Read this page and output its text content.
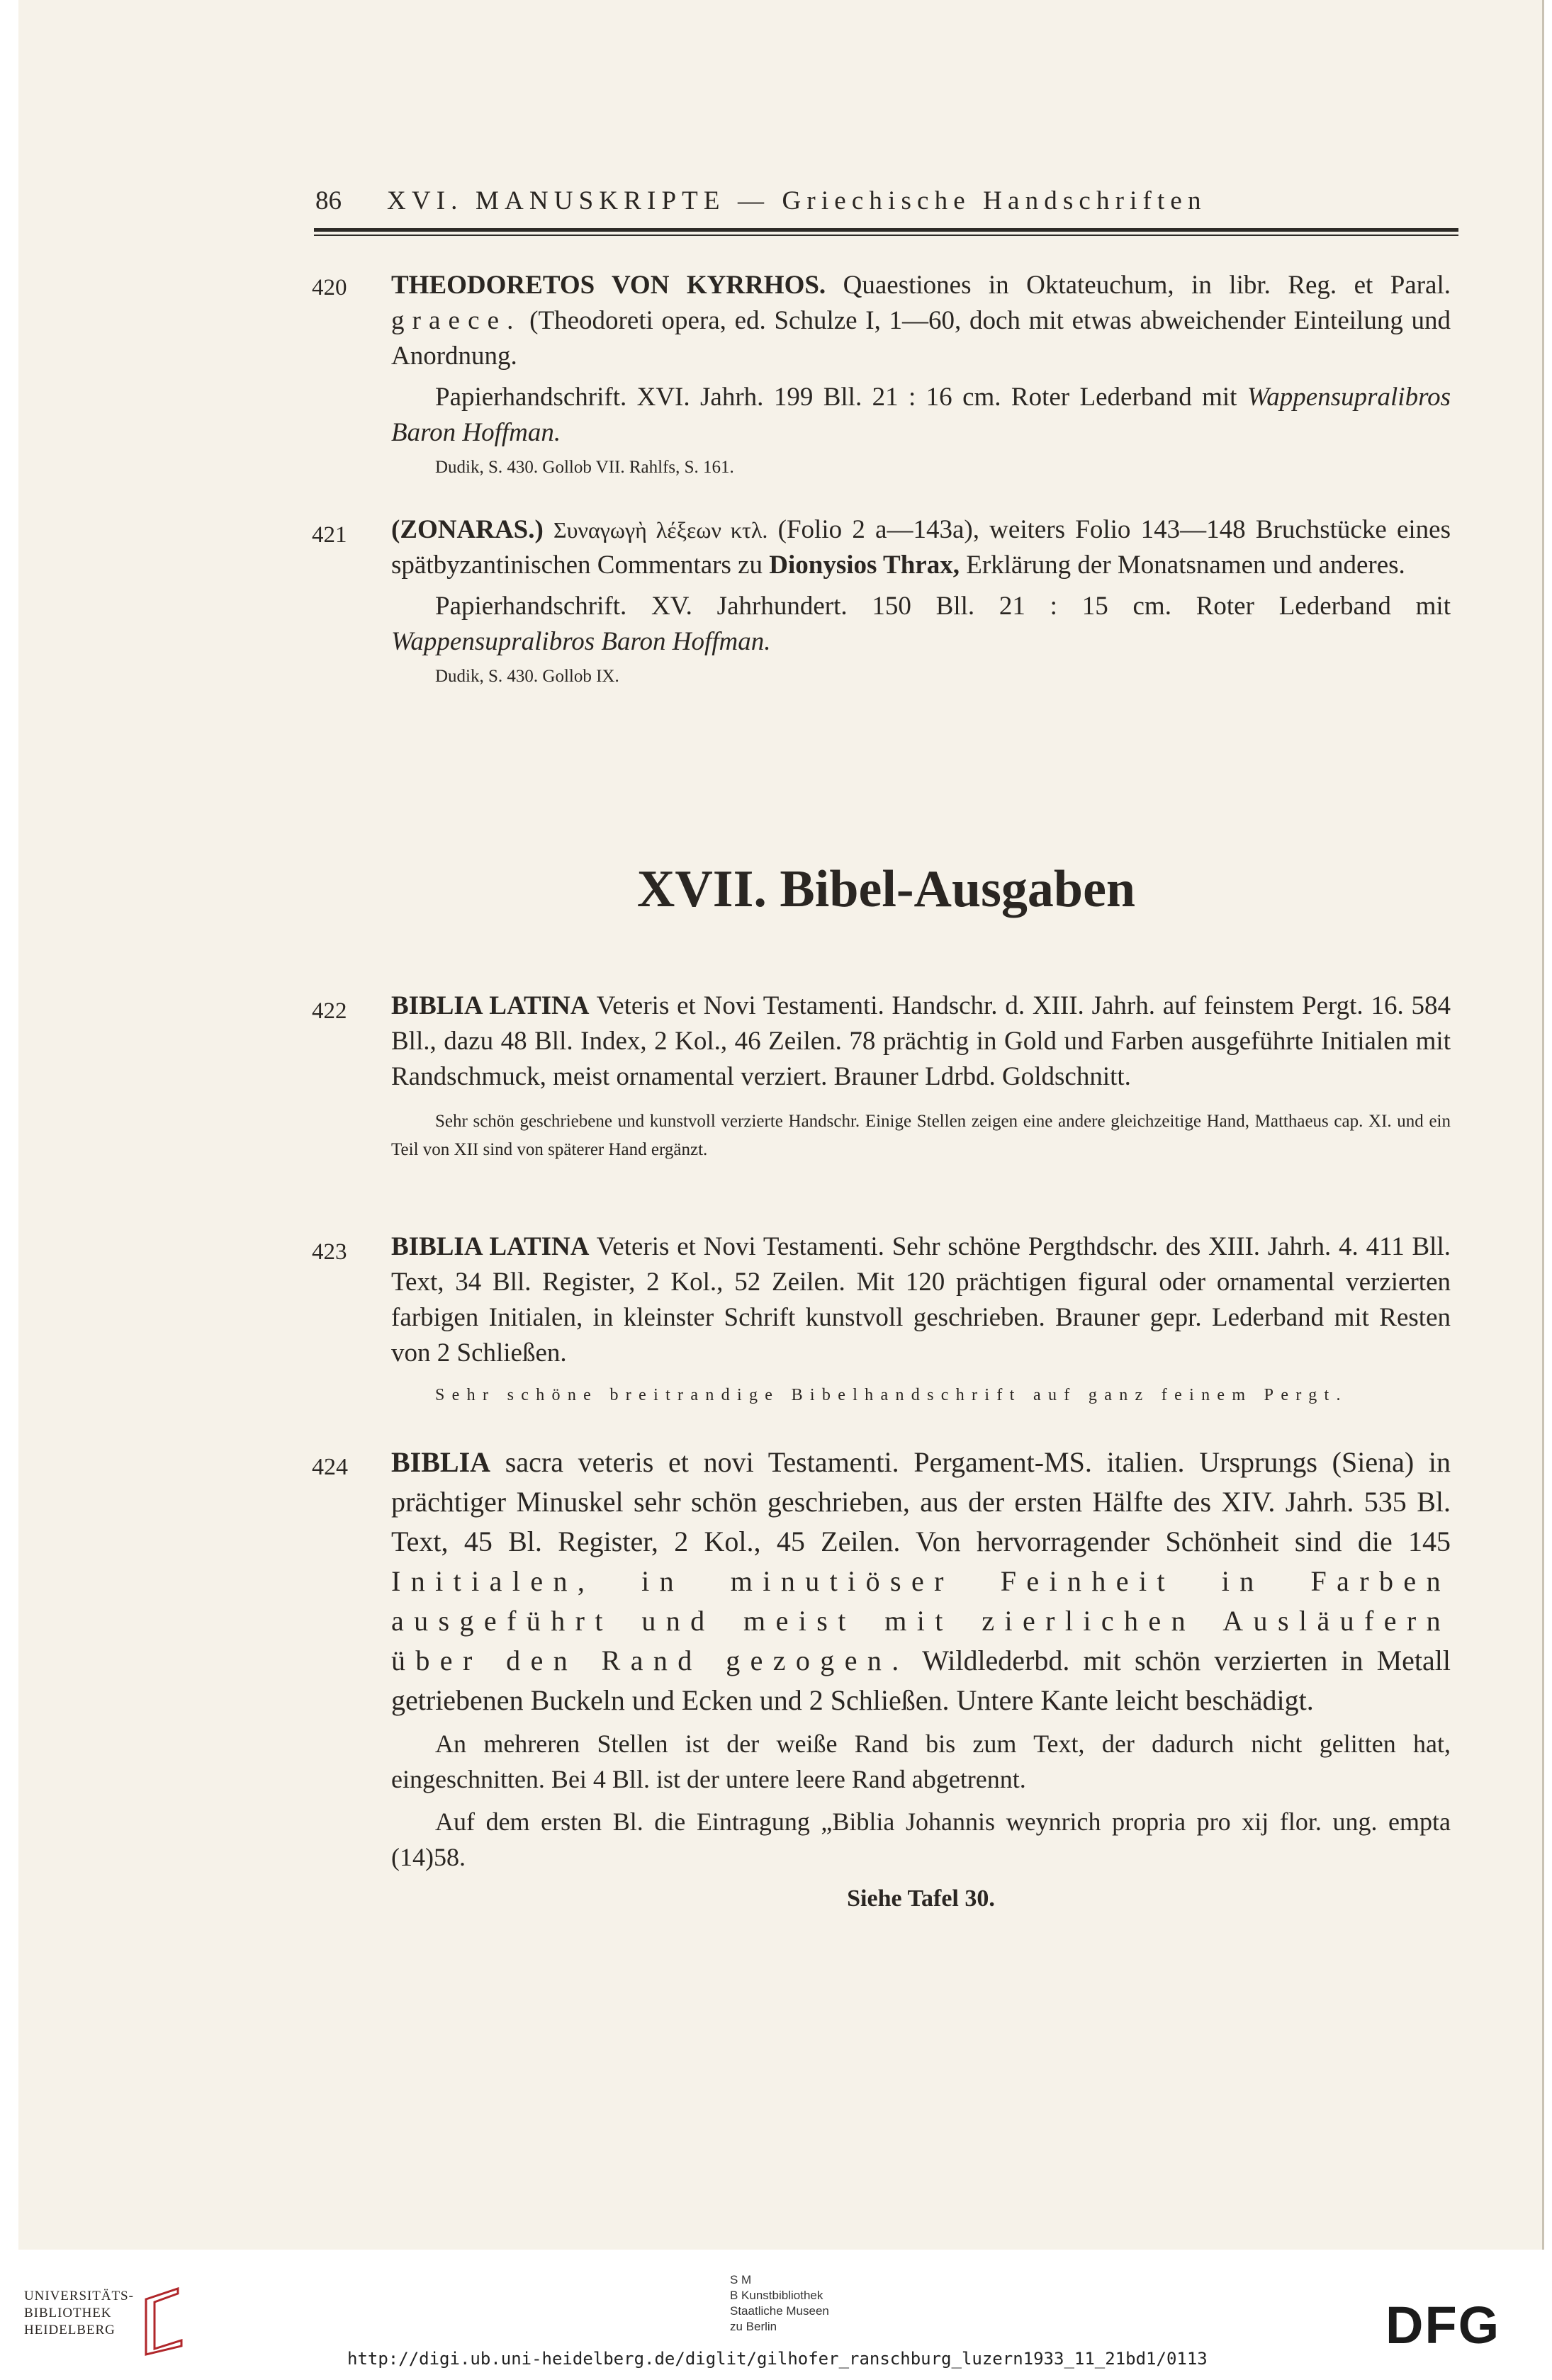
86 XVI. MANUSKRIPTE — Griechische Handschriften
420 THEODORETOS VON KYRRHOS. Quaestiones in Oktateuchum, in libr. Reg. et Paral. graece. (Theodoreti opera, ed. Schulze I, 1—60, doch mit etwas abweichender Einteilung und Anordnung.

Papierhandschrift. XVI. Jahrh. 199 Bll. 21 : 16 cm. Roter Lederband mit Wappensupralibros Baron Hoffman.

Dudik, S. 430. Gollob VII. Rahlfs, S. 161.

421 (ZONARAS.) Συναγωγὴ λέξεων κτλ. (Folio 2 a—143a), weiters Folio 143—148 Bruchstücke eines spätbyzantinischen Commentars zu Dionysios Thrax, Erklärung der Monatsnamen und anderes.

Papierhandschrift. XV. Jahrhundert. 150 Bll. 21 : 15 cm. Roter Lederband mit Wappensupralibros Baron Hoffman.

Dudik, S. 430. Gollob IX.

XVII. Bibel-Ausgaben
422 BIBLIA LATINA Veteris et Novi Testamenti. Handschr. d. XIII. Jahrh. auf feinstem Pergt. 16. 584 Bll., dazu 48 Bll. Index, 2 Kol., 46 Zeilen. 78 prächtig in Gold und Farben ausgeführte Initialen mit Randschmuck, meist ornamental verziert. Brauner Ldrbd. Goldschnitt.

Sehr schön geschriebene und kunstvoll verzierte Handschr. Einige Stellen zeigen eine andere gleichzeitige Hand, Matthaeus cap. XI. und ein Teil von XII sind von späterer Hand ergänzt.

423 BIBLIA LATINA Veteris et Novi Testamenti. Sehr schöne Pergthdschr. des XIII. Jahrh. 4. 411 Bll. Text, 34 Bll. Register, 2 Kol., 52 Zeilen. Mit 120 prächtigen figural oder ornamental verzierten farbigen Initialen, in kleinster Schrift kunstvoll geschrieben. Brauner gepr. Lederband mit Resten von 2 Schließen.

Sehr schöne breitrandige Bibelhandschrift auf ganz feinem Pergt.

424 BIBLIA sacra veteris et novi Testamenti. Pergament-MS. italien. Ursprungs (Siena) in prächtiger Minuskel sehr schön geschrieben, aus der ersten Hälfte des XIV. Jahrh. 535 Bl. Text, 45 Bl. Register, 2 Kol., 45 Zeilen. Von hervorragender Schönheit sind die 145 Initialen, in minutiöser Feinheit in Farben ausgeführt und meist mit zierlichen Ausläufern über den Rand gezogen. Wildlederbd. mit schön verzierten in Metall getriebenen Buckeln und Ecken und 2 Schließen. Untere Kante leicht beschädigt.

An mehreren Stellen ist der weiße Rand bis zum Text, der dadurch nicht gelitten hat, eingeschnitten. Bei 4 Bll. ist der untere leere Rand abgetrennt.

Auf dem ersten Bl. die Eintragung „Biblia Johannis weynrich propria pro xij flor. ung. empta (14)58.

Siehe Tafel 30.

UNIVERSITÄTS-
BIBLIOTHEK
HEIDELBERG
S M
B Kunstbibliothek
Staatliche Museen
zu Berlin	DFG
http://digi.ub.uni-heidelberg.de/diglit/gilhofer_ranschburg_luzern1933_11_21bd1/0113
